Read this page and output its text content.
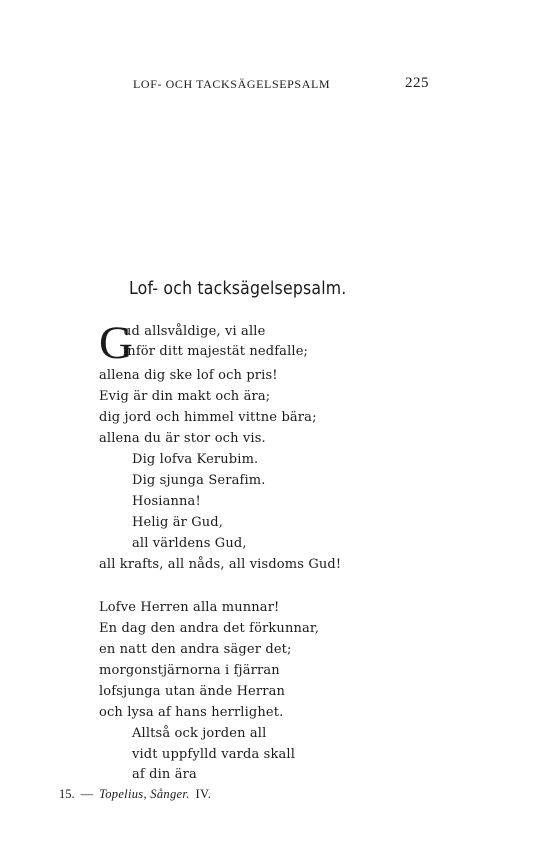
LOF- OCH TACKSÄGELSEPSALM	225
Lof- och tacksägelsepsalm.
G
ud allsvåldige, vi alle
inför ditt majestät nedfalle;
allena dig ske lof och pris!
Evig är din makt och ära;
dig jord och himmel vittne bära;
allena du är stor och vis.
Dig lofva Kerubim.
Dig sjunga Serafim.
Hosianna!
Helig är Gud,
all världens Gud,
all krafts, all nåds, all visdoms Gud!
Lofve Herren alla munnar!
En dag den andra det förkunnar,
en natt den andra säger det;
morgonstjärnorna i fjärran
lofsjunga utan ände Herran
och lysa af hans herrlighet.
Alltså ock jorden all
vidt uppfylld varda skall
af din ära
15. — Topelius, Sånger. IV.
